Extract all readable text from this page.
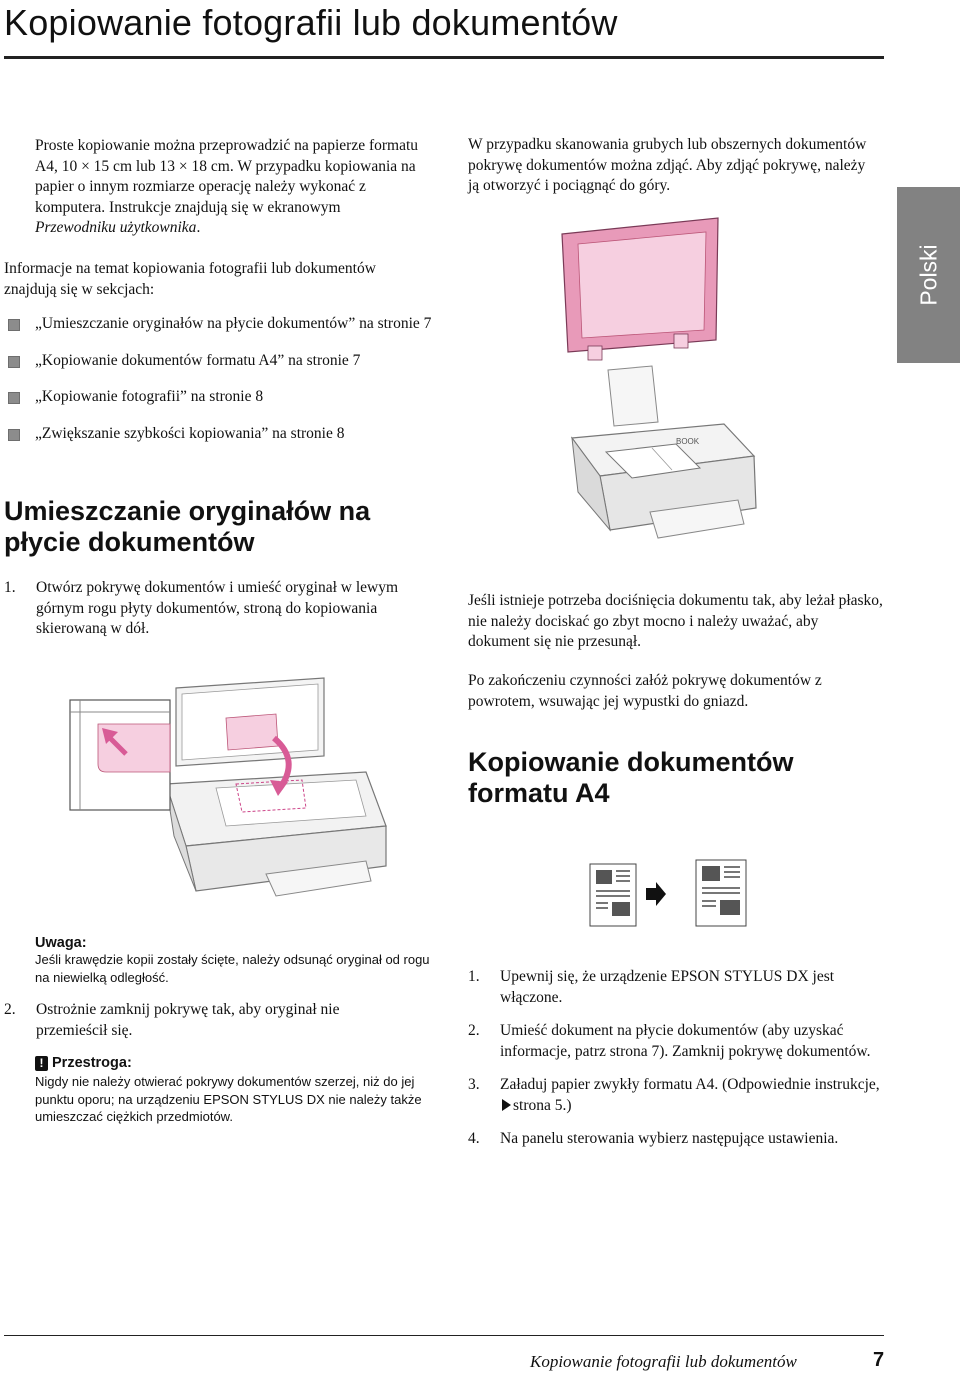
Kopiowanie fotografii lub dokumentów
Polski
Proste kopiowanie można przeprowadzić na papierze formatu A4, 10 × 15 cm lub 13 × 18 cm. W przypadku kopiowania na papier o innym rozmiarze operację należy wykonać z komputera. Instrukcje znajdują się w ekranowym Przewodniku użytkownika.
Informacje na temat kopiowania fotografii lub dokumentów znajdują się w sekcjach:
„Umieszczanie oryginałów na płycie dokumentów” na stronie 7
„Kopiowanie dokumentów formatu A4” na stronie 7
„Kopiowanie fotografii” na stronie 8
„Zwiększanie szybkości kopiowania” na stronie 8
Umieszczanie oryginałów na płycie dokumentów
1. Otwórz pokrywę dokumentów i umieść oryginał w lewym górnym rogu płyty dokumentów, stroną do kopiowania skierowaną w dół.
Uwaga:
Jeśli krawędzie kopii zostały ścięte, należy odsunąć oryginał od rogu na niewielką odległość.
2. Ostrożnie zamknij pokrywę tak, aby oryginał nie przemieścił się.
! Przestroga:
Nigdy nie należy otwierać pokrywy dokumentów szerzej, niż do jej punktu oporu; na urządzeniu EPSON STYLUS DX nie należy także umieszczać ciężkich przedmiotów.
W przypadku skanowania grubych lub obszernych dokumentów pokrywę dokumentów można zdjąć. Aby zdjąć pokrywę, należy ją otworzyć i pociągnąć do góry.
BOOK
Jeśli istnieje potrzeba dociśnięcia dokumentu tak, aby leżał płasko, nie należy dociskać go zbyt mocno i należy uważać, aby dokument się nie przesunął.
Po zakończeniu czynności załóż pokrywę dokumentów z powrotem, wsuwając jej wypustki do gniazd.
Kopiowanie dokumentów formatu A4
1. Upewnij się, że urządzenie EPSON STYLUS DX jest włączone.
2. Umieść dokument na płycie dokumentów (aby uzyskać informacje, patrz strona 7). Zamknij pokrywę dokumentów.
3. Załaduj papier zwykły formatu A4. (Odpowiednie instrukcje, strona 5.)
4. Na panelu sterowania wybierz następujące ustawienia.
Kopiowanie fotografii lub dokumentów	7
